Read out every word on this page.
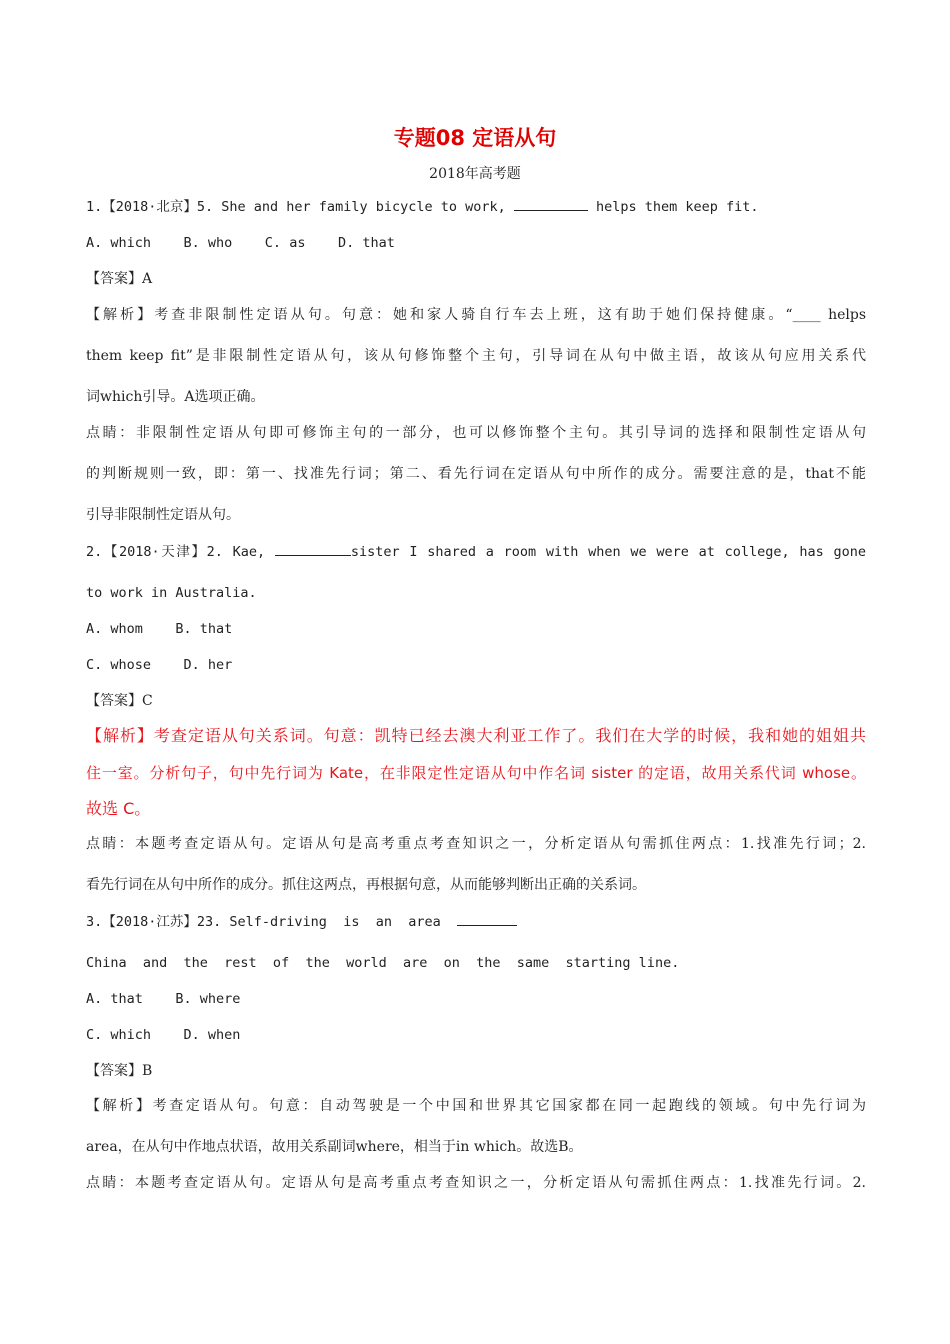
专题08 定语从句
2018年高考题
1.【2018·北京】5. She and her family bicycle to work,	helps them keep fit.
A. which    B. who    C. as    D. that
【答案】A
【解析】考查非限制性定语从句。句意：她和家人骑自行车去上班，这有助于她们保持健康。“____ helps
them keep fit”是非限制性定语从句，该从句修饰整个主句，引导词在从句中做主语，故该从句应用关系代
词which引导。A选项正确。
点睛：非限制性定语从句即可修饰主句的一部分，也可以修饰整个主句。其引导词的选择和限制性定语从句
的判断规则一致，即：第一、找准先行词；第二、看先行词在定语从句中所作的成分。需要注意的是，that不能
引导非限制性定语从句。
2.【2018·天津】2. Kae,	sister I shared a room with when we were at college, has gone
to work in Australia.
A. whom    B. that
C. whose    D. her
【答案】C
【解析】考查定语从句关系词。句意：凯特已经去澳大利亚工作了。我们在大学的时候，我和她的姐姐共
住一室。分析句子，句中先行词为 Kate，在非限定性定语从句中作名词 sister 的定语，故用关系代词 whose。
故选 C。
点睛：本题考查定语从句。定语从句是高考重点考查知识之一，分析定语从句需抓住两点：1.找准先行词；2.
看先行词在从句中所作的成分。抓住这两点，再根据句意，从而能够判断出正确的关系词。
3.【2018·江苏】23. Self-driving  is  an  area
China  and  the  rest  of  the  world  are  on  the  same  starting line.
A. that    B. where
C. which    D. when
【答案】B
【解析】考查定语从句。句意：自动驾驶是一个中国和世界其它国家都在同一起跑线的领域。句中先行词为
area，在从句中作地点状语，故用关系副词where，相当于in which。故选B。
点睛：本题考查定语从句。定语从句是高考重点考查知识之一，分析定语从句需抓住两点：1.找准先行词。2.
